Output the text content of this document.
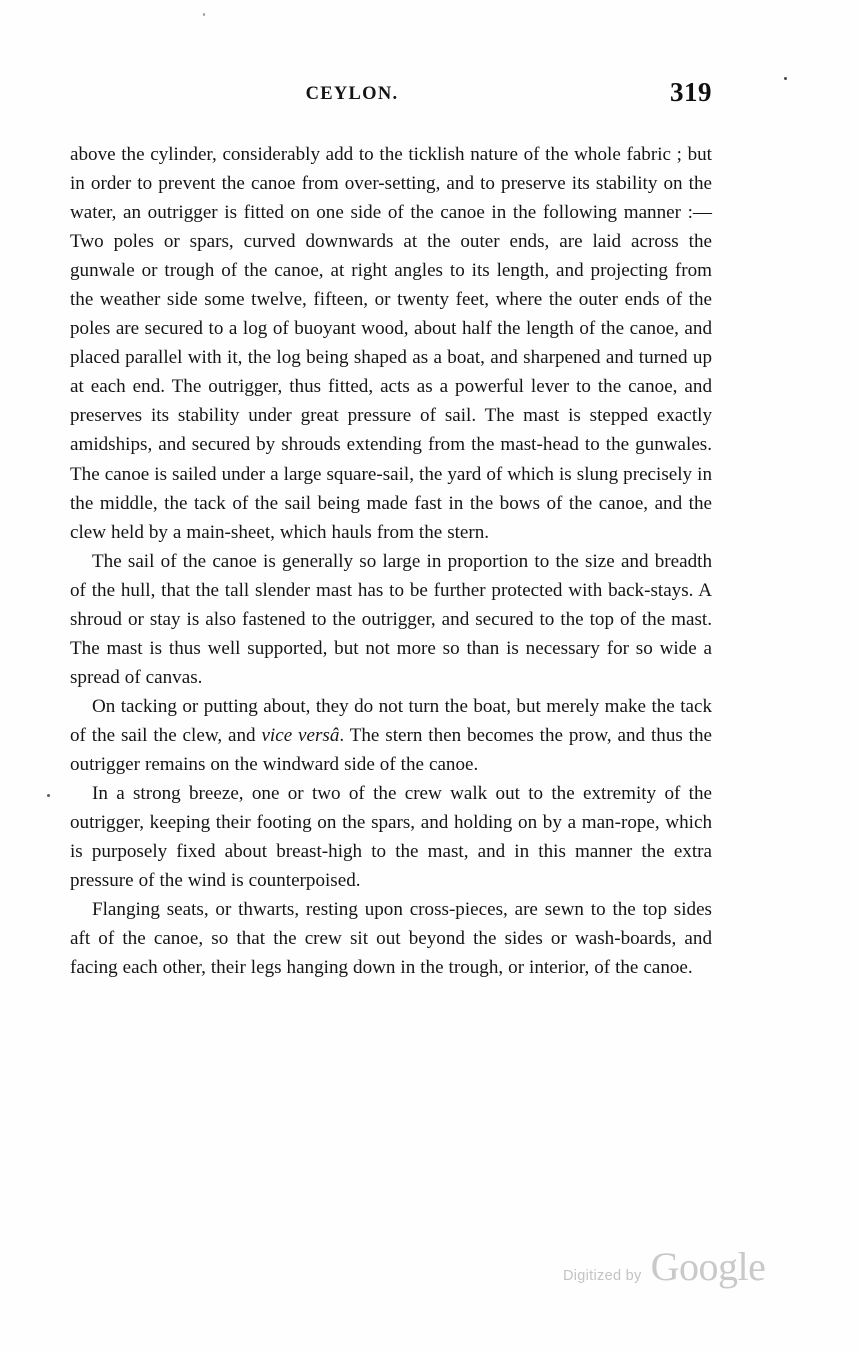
CEYLON.	319

above the cylinder, considerably add to the ticklish nature of the whole fabric ; but in order to prevent the canoe from over-setting, and to preserve its stability on the water, an outrigger is fitted on one side of the canoe in the following manner :— Two poles or spars, curved downwards at the outer ends, are laid across the gunwale or trough of the canoe, at right angles to its length, and projecting from the weather side some twelve, fifteen, or twenty feet, where the outer ends of the poles are secured to a log of buoyant wood, about half the length of the canoe, and placed parallel with it, the log being shaped as a boat, and sharpened and turned up at each end. The outrigger, thus fitted, acts as a powerful lever to the canoe, and preserves its stability under great pressure of sail. The mast is stepped exactly amidships, and secured by shrouds extending from the mast-head to the gunwales. The canoe is sailed under a large square-sail, the yard of which is slung precisely in the middle, the tack of the sail being made fast in the bows of the canoe, and the clew held by a main-sheet, which hauls from the stern.

The sail of the canoe is generally so large in proportion to the size and breadth of the hull, that the tall slender mast has to be further protected with back-stays. A shroud or stay is also fastened to the outrigger, and secured to the top of the mast. The mast is thus well supported, but not more so than is necessary for so wide a spread of canvas.

On tacking or putting about, they do not turn the boat, but merely make the tack of the sail the clew, and vice versâ. The stern then becomes the prow, and thus the outrigger remains on the windward side of the canoe.

In a strong breeze, one or two of the crew walk out to the extremity of the outrigger, keeping their footing on the spars, and holding on by a man-rope, which is purposely fixed about breast-high to the mast, and in this manner the extra pressure of the wind is counterpoised.

Flanging seats, or thwarts, resting upon cross-pieces, are sewn to the top sides aft of the canoe, so that the crew sit out beyond the sides or wash-boards, and facing each other, their legs hanging down in the trough, or interior, of the canoe.

Digitized by Google
